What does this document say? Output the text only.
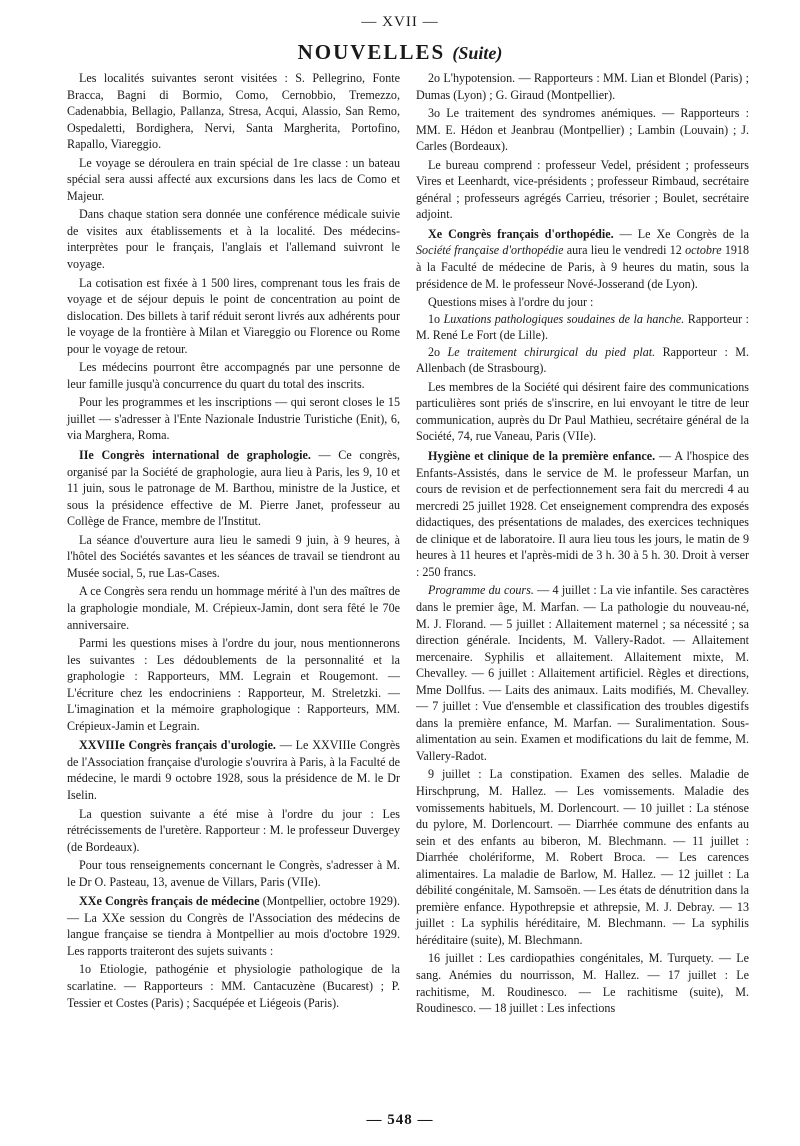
— XVII —
NOUVELLES (Suite)

Les localités suivantes seront visitées : S. Pellegrino, Fonte Bracca, Bagni di Bormio, Como, Cernobbio, Tremezzo, Cadenabbia, Bellagio, Pallanza, Stresa, Acqui, Alassio, San Remo, Ospedaletti, Bordighera, Nervi, Santa Margherita, Portofino, Rapallo, Viareggio.

Le voyage se déroulera en train spécial de 1re classe : un bateau spécial sera aussi affecté aux excursions dans les lacs de Como et Majeur.

Dans chaque station sera donnée une conférence médicale suivie de visites aux établissements et à la localité. Des médecins-interprètes pour le français, l'anglais et l'allemand suivront le voyage.

La cotisation est fixée à 1 500 lires, comprenant tous les frais de voyage et de séjour depuis le point de concentration au point de dislocation. Des billets à tarif réduit seront livrés aux adhérents pour le voyage de la frontière à Milan et Viareggio ou Florence ou Rome pour le voyage de retour.

Les médecins pourront être accompagnés par une personne de leur famille jusqu'à concurrence du quart du total des inscrits.

Pour les programmes et les inscriptions — qui seront closes le 15 juillet — s'adresser à l'Ente Nazionale Industrie Turistiche (Enit), 6, via Marghera, Roma.

IIe Congrès international de graphologie. — Ce congrès, organisé par la Société de graphologie, aura lieu à Paris, les 9, 10 et 11 juin, sous le patronage de M. Barthou, ministre de la Justice, et sous la présidence effective de M. Pierre Janet, professeur au Collège de France, membre de l'Institut.

La séance d'ouverture aura lieu le samedi 9 juin, à 9 heures, à l'hôtel des Sociétés savantes et les séances de travail se tiendront au Musée social, 5, rue Las-Cases.

A ce Congrès sera rendu un hommage mérité à l'un des maîtres de la graphologie mondiale, M. Crépieux-Jamin, dont sera fêté le 70e anniversaire.

Parmi les questions mises à l'ordre du jour, nous mentionnerons les suivantes : Les dédoublements de la personnalité et la graphologie : Rapporteurs, MM. Legrain et Rougemont. — L'écriture chez les endocriniens : Rapporteur, M. Streletzki. — L'imagination et la mémoire graphologique : Rapporteurs, MM. Crépieux-Jamin et Legrain.

XXVIIIe Congrès français d'urologie. — Le XXVIIIe Congrès de l'Association française d'urologie s'ouvrira à Paris, à la Faculté de médecine, le mardi 9 octobre 1928, sous la présidence de M. le Dr Iselin.

La question suivante a été mise à l'ordre du jour : Les rétrécissements de l'uretère. Rapporteur : M. le professeur Duvergey (de Bordeaux).

Pour tous renseignements concernant le Congrès, s'adresser à M. le Dr O. Pasteau, 13, avenue de Villars, Paris (VIIe).

XXe Congrès français de médecine (Montpellier, octobre 1929). — La XXe session du Congrès de l'Association des médecins de langue française se tiendra à Montpellier au mois d'octobre 1929. Les rapports traiteront des sujets suivants :

1o Etiologie, pathogénie et physiologie pathologique de la scarlatine. — Rapporteurs : MM. Cantacuzène (Bucarest) ; P. Tessier et Costes (Paris) ; Sacquépée et Liégeois (Paris).

2o L'hypotension. — Rapporteurs : MM. Lian et Blondel (Paris) ; Dumas (Lyon) ; G. Giraud (Montpellier).

3o Le traitement des syndromes anémiques. — Rapporteurs : MM. E. Hédon et Jeanbrau (Montpellier) ; Lambin (Louvain) ; J. Carles (Bordeaux).

Le bureau comprend : professeur Vedel, président ; professeurs Vires et Leenhardt, vice-présidents ; professeur Rimbaud, secrétaire général ; professeurs agrégés Carrieu, trésorier ; Boulet, secrétaire adjoint.

Xe Congrès français d'orthopédie. — Le Xe Congrès de la Société française d'orthopédie aura lieu le vendredi 12 octobre 1918 à la Faculté de médecine de Paris, à 9 heures du matin, sous la présidence de M. le professeur Nové-Josserand (de Lyon).

Questions mises à l'ordre du jour :

1o Luxations pathologiques soudaines de la hanche. Rapporteur : M. René Le Fort (de Lille).

2o Le traitement chirurgical du pied plat. Rapporteur : M. Allenbach (de Strasbourg).

Les membres de la Société qui désirent faire des communications particulières sont priés de s'inscrire, en lui envoyant le titre de leur communication, auprès du Dr Paul Mathieu, secrétaire général de la Société, 74, rue Vaneau, Paris (VIIe).

Hygiène et clinique de la première enfance. — A l'hospice des Enfants-Assistés, dans le service de M. le professeur Marfan, un cours de revision et de perfectionnement sera fait du mercredi 4 au mercredi 25 juillet 1928. Cet enseignement comprendra des exposés didactiques, des présentations de malades, des exercices techniques de clinique et de laboratoire. Il aura lieu tous les jours, le matin de 9 heures à 11 heures et l'après-midi de 3 h. 30 à 5 h. 30. Droit à verser : 250 francs.

Programme du cours. — 4 juillet : La vie infantile. Ses caractères dans le premier âge, M. Marfan. — La pathologie du nouveau-né, M. J. Florand. — 5 juillet : Allaitement maternel ; sa nécessité ; sa direction générale. Incidents, M. Vallery-Radot. — Allaitement mercenaire. Syphilis et allaitement. Allaitement mixte, M. Chevalley. — 6 juillet : Allaitement artificiel. Règles et directions, Mme Dollfus. — Laits des animaux. Laits modifiés, M. Chevalley. — 7 juillet : Vue d'ensemble et classification des troubles digestifs dans la première enfance, M. Marfan. — Suralimentation. Sous-alimentation au sein. Examen et modifications du lait de femme, M. Vallery-Radot.

9 juillet : La constipation. Examen des selles. Maladie de Hirschprung, M. Hallez. — Les vomissements. Maladie des vomissements habituels, M. Dorlencourt. — 10 juillet : La sténose du pylore, M. Dorlencourt. — Diarrhée commune des enfants au sein et des enfants au biberon, M. Blechmann. — 11 juillet : Diarrhée cholériforme, M. Robert Broca. — Les carences alimentaires. La maladie de Barlow, M. Hallez. — 12 juillet : La débilité congénitale, M. Samsoën. — Les états de dénutrition dans la première enfance. Hypothrepsie et athrepsie, M. J. Debray. — 13 juillet : La syphilis héréditaire, M. Blechmann. — La syphilis héréditaire (suite), M. Blechmann.

16 juillet : Les cardiopathies congénitales, M. Turquety. — Le sang. Anémies du nourrisson, M. Hallez. — 17 juillet : Le rachitisme, M. Roudinesco. — Le rachitisme (suite), M. Roudinesco. — 18 juillet : Les infections

— 548 —
